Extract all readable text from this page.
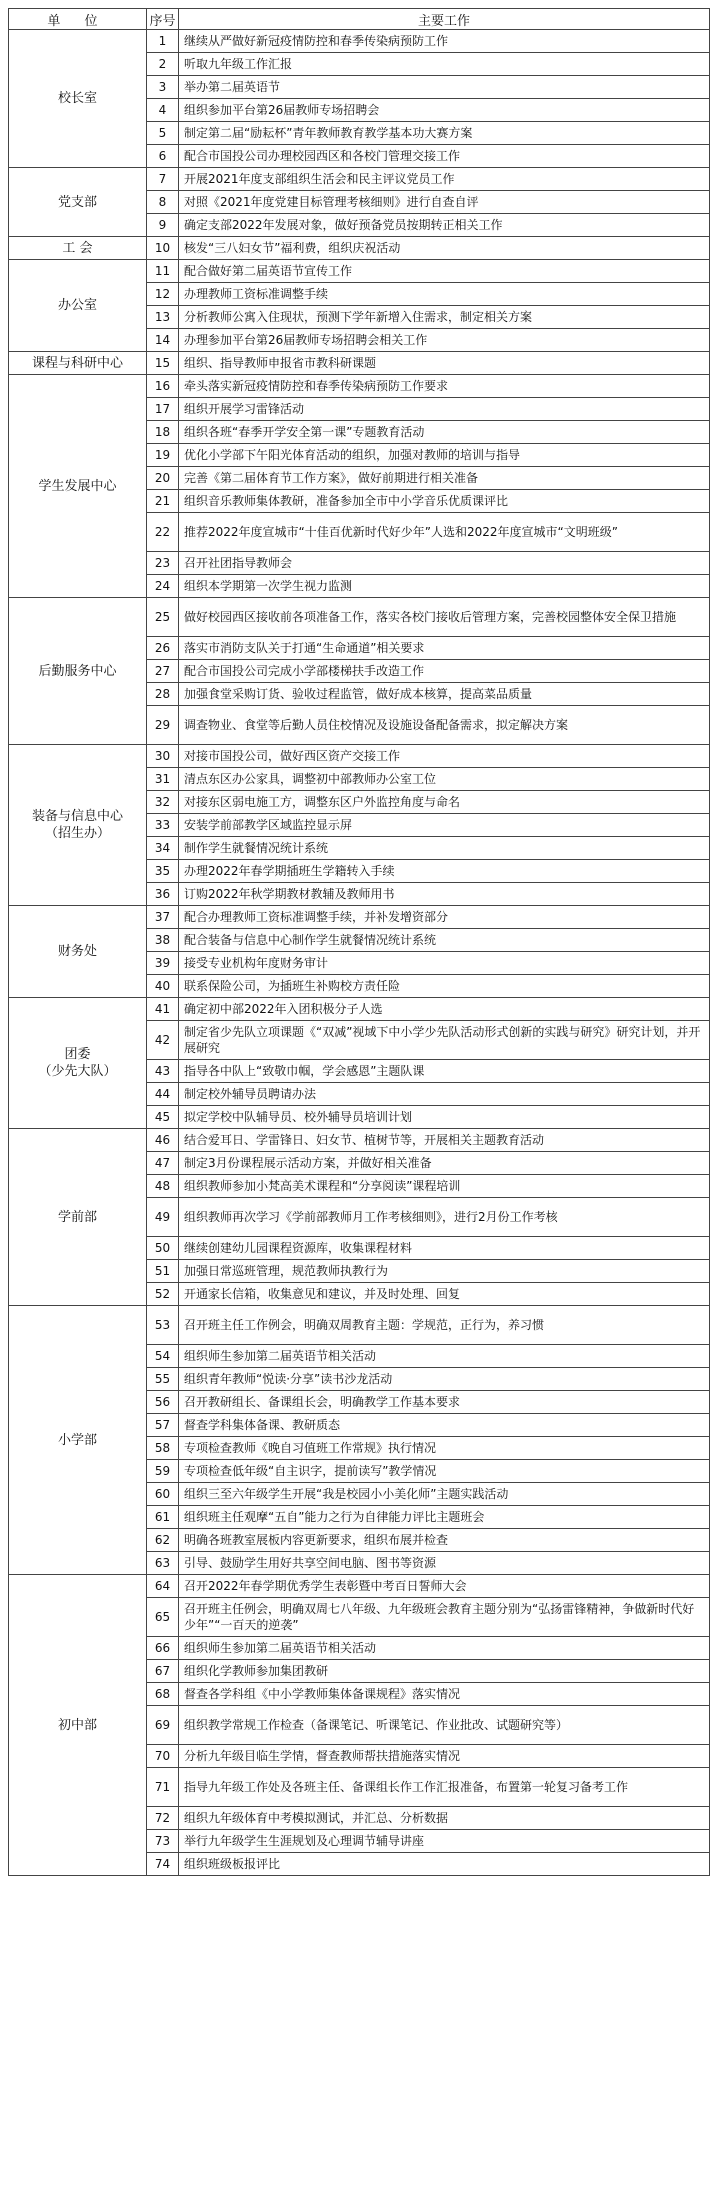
单 位	序号	主要工作
校长室	1	继续从严做好新冠疫情防控和春季传染病预防工作
	2	听取九年级工作汇报
	3	举办第二届英语节
	4	组织参加平台第26届教师专场招聘会
	5	制定第二届“励耘杯”青年教师教育教学基本功大赛方案
	6	配合市国投公司办理校园西区和各校门管理交接工作
党支部	7	开展2021年度支部组织生活会和民主评议党员工作
	8	对照《2021年度党建目标管理考核细则》进行自查自评
	9	确定支部2022年发展对象，做好预备党员按期转正相关工作
工 会	10	核发“三八妇女节”福利费，组织庆祝活动
办公室	11	配合做好第二届英语节宣传工作
	12	办理教师工资标准调整手续
	13	分析教师公寓入住现状，预测下学年新增入住需求，制定相关方案
	14	办理参加平台第26届教师专场招聘会相关工作
课程与科研中心	15	组织、指导教师申报省市教科研课题
学生发展中心	16	牵头落实新冠疫情防控和春季传染病预防工作要求
	17	组织开展学习雷锋活动
	18	组织各班“春季开学安全第一课”专题教育活动
	19	优化小学部下午阳光体育活动的组织，加强对教师的培训与指导
	20	完善《第二届体育节工作方案》，做好前期进行相关准备
	21	组织音乐教师集体教研，准备参加全市中小学音乐优质课评比
	22	推荐2022年度宣城市“十佳百优新时代好少年”人选和2022年度宣城市“文明班级”
	23	召开社团指导教师会
	24	组织本学期第一次学生视力监测
后勤服务中心	25	做好校园西区接收前各项准备工作，落实各校门接收后管理方案，完善校园整体安全保卫措施
	26	落实市消防支队关于打通“生命通道”相关要求
	27	配合市国投公司完成小学部楼梯扶手改造工作
	28	加强食堂采购订货、验收过程监管，做好成本核算，提高菜品质量
	29	调查物业、食堂等后勤人员住校情况及设施设备配备需求，拟定解决方案

装备与信息中心
（招生办）	30	对接市国投公司，做好西区资产交接工作
	31	清点东区办公家具，调整初中部教师办公室工位
	32	对接东区弱电施工方，调整东区户外监控角度与命名
	33	安装学前部教学区域监控显示屏
	34	制作学生就餐情况统计系统
	35	办理2022年春学期插班生学籍转入手续
	36	订购2022年秋学期教材教辅及教师用书
财务处	37	配合办理教师工资标准调整手续，并补发增资部分
	38	配合装备与信息中心制作学生就餐情况统计系统
	39	接受专业机构年度财务审计
	40	联系保险公司，为插班生补购校方责任险

团委
（少先大队）	41	确定初中部2022年入团积极分子人选
	42	制定省少先队立项课题《“双减”视域下中小学少先队活动形式创新的实践与研究》研究计划，并开展研究
	43	指导各中队上“致敬巾帼，学会感恩”主题队课
	44	制定校外辅导员聘请办法
	45	拟定学校中队辅导员、校外辅导员培训计划
学前部	46	结合爱耳日、学雷锋日、妇女节、植树节等，开展相关主题教育活动
	47	制定3月份课程展示活动方案，并做好相关准备
	48	组织教师参加小梵高美术课程和“分享阅读”课程培训
	49	组织教师再次学习《学前部教师月工作考核细则》，进行2月份工作考核
	50	继续创建幼儿园课程资源库，收集课程材料
	51	加强日常巡班管理，规范教师执教行为
	52	开通家长信箱，收集意见和建议，并及时处理、回复
小学部	53	召开班主任工作例会，明确双周教育主题：学规范，正行为，养习惯
	54	组织师生参加第二届英语节相关活动
	55	组织青年教师“悦读·分享”读书沙龙活动
	56	召开教研组长、备课组长会，明确教学工作基本要求
	57	督查学科集体备课、教研质态
	58	专项检查教师《晚自习值班工作常规》执行情况
	59	专项检查低年级“自主识字，提前读写”教学情况
	60	组织三至六年级学生开展“我是校园小小美化师”主题实践活动
	61	组织班主任观摩“五自”能力之行为自律能力评比主题班会
	62	明确各班教室展板内容更新要求，组织布展并检查
	63	引导、鼓励学生用好共享空间电脑、图书等资源
初中部	64	召开2022年春学期优秀学生表彰暨中考百日誓师大会
	65	召开班主任例会，明确双周七八年级、九年级班会教育主题分别为“弘扬雷锋精神，争做新时代好少年”“一百天的逆袭”
	66	组织师生参加第二届英语节相关活动
	67	组织化学教师参加集团教研
	68	督查各学科组《中小学教师集体备课规程》落实情况
	69	组织教学常规工作检查（备课笔记、听课笔记、作业批改、试题研究等）
	70	分析九年级目临生学情，督查教师帮扶措施落实情况
	71	指导九年级工作处及各班主任、备课组长作工作汇报准备，布置第一轮复习备考工作
	72	组织九年级体育中考模拟测试，并汇总、分析数据
	73	举行九年级学生生涯规划及心理调节辅导讲座
	74	组织班级板报评比
